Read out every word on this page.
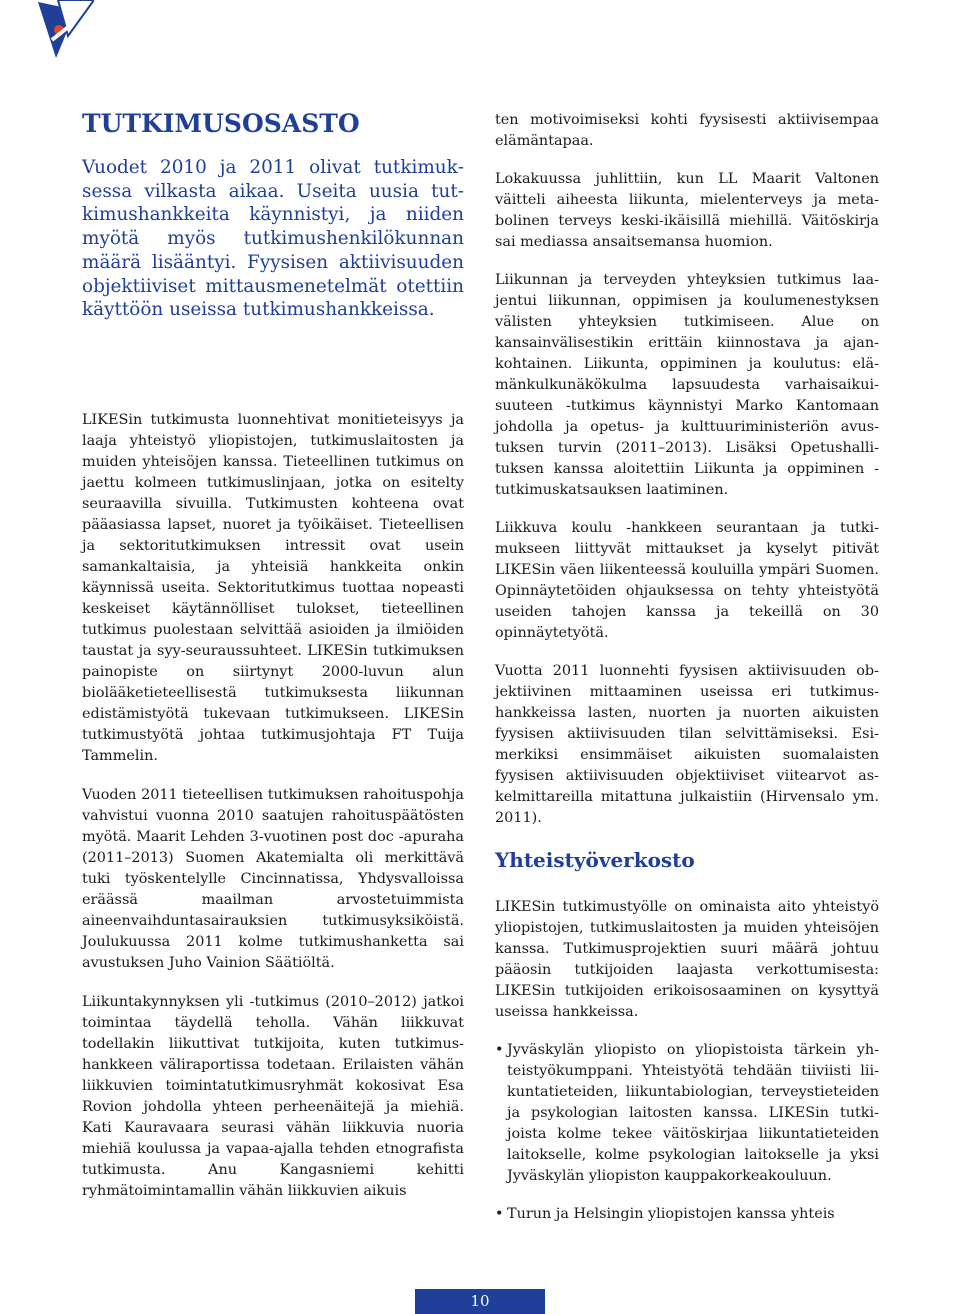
TUTKIMUSOSASTO

Vuodet 2010 ja 2011 olivat tutkimuksessa vilkasta aikaa. Useita uusia tutkimushankkeita käynnistyi, ja niiden myötä myös tutkimushenkilökunnan määrä lisääntyi. Fyysisen aktiivisuuden objektiiviset mittausmenetelmät otettiin käyttöön useissa tutkimushankkeissa.

LIKESin tutkimusta luonnehtivat monitieteisyys ja laaja yhteistyö yliopistojen, tutkimuslaitosten ja muiden yhteisöjen kanssa. Tieteellinen tutkimus on jaettu kolmeen tutkimuslinjaan, jotka on esitelty seuraavilla sivuilla. Tutkimusten kohteena ovat pääasiassa lapset, nuoret ja työikäiset. Tieteellisen ja sektoritutkimuksen intressit ovat usein samankaltaisia, ja yhteisiä hankkeita onkin käynnissä useita. Sektoritutkimus tuottaa nopeasti keskeiset käytännölliset tulokset, tieteellinen tutkimus puolestaan selvittää asioiden ja ilmiöiden taustat ja syy-seuraussuhteet. LIKESin tutkimuksen painopiste on siirtynyt 2000-luvun alun biolääketieteellisestä tutkimuksesta liikunnan edistämistyötä tukevaan tutkimukseen. LIKESin tutkimustyötä johtaa tutkimusjohtaja FT Tuija Tammelin.

Vuoden 2011 tieteellisen tutkimuksen rahoituspohja vahvistui vuonna 2010 saatujen rahoituspäätösten myötä. Maarit Lehden 3-vuotinen post doc -apuraha (2011–2013) Suomen Akatemialta oli merkittävä tuki työskentelylle Cincinnatissa, Yhdysvalloissa eräässä maailman arvostetuimmista aineenvaihduntasairauksien tutkimusyksiköistä. Joulukuussa 2011 kolme tutkimushanketta sai avustuksen Juho Vainion Säätiöltä.

Liikuntakynnyksen yli -tutkimus (2010–2012) jatkoi toimintaa täydellä teholla. Vähän liikkuvat todellakin liikuttivat tutkijoita, kuten tutkimushankkeen väliraportissa todetaan. Erilaisten vähän liikkuvien toimintatutkimusryhmät kokosivat Esa Rovion johdolla yhteen perheenäitejä ja miehiä. Kati Kauravaara seurasi vähän liikkuvia nuoria miehiä koulussa ja vapaa-ajalla tehden etnografista tutkimusta. Anu Kangasniemi kehitti ryhmätoimintamallin vähän liikkuvien aikuis

ten motivoimiseksi kohti fyysisesti aktiivisempaa elämäntapaa.

Lokakuussa juhlittiin, kun LL Maarit Valtonen väitteli aiheesta liikunta, mielenterveys ja metabolinen terveys keski-ikäisillä miehillä. Väitöskirja sai mediassa ansaitsemansa huomion.

Liikunnan ja terveyden yhteyksien tutkimus laajentui liikunnan, oppimisen ja koulumenestyksen välisten yhteyksien tutkimiseen. Alue on kansainvälisestikin erittäin kiinnostava ja ajankohtainen. Liikunta, oppiminen ja koulutus: elämänkulkunäkökulma lapsuudesta varhaisaikuisuuteen -tutkimus käynnistyi Marko Kantomaan johdolla ja opetus- ja kulttuuriministeriön avustuksen turvin (2011–2013). Lisäksi Opetushallituksen kanssa aloitettiin Liikunta ja oppiminen -tutkimuskatsauksen laatiminen.

Liikkuva koulu -hankkeen seurantaan ja tutkimukseen liittyvät mittaukset ja kyselyt pitivät LIKESin väen liikenteessä kouluilla ympäri Suomen. Opinnäytetöiden ohjauksessa on tehty yhteistyötä useiden tahojen kanssa ja tekeillä on 30 opinnäytetyötä.

Vuotta 2011 luonnehti fyysisen aktiivisuuden objektiivinen mittaaminen useissa eri tutkimushankkeissa lasten, nuorten ja nuorten aikuisten fyysisen aktiivisuuden tilan selvittämiseksi. Esimerkiksi ensimmäiset aikuisten suomalaisten fyysisen aktiivisuuden objektiiviset viitearvot askelmittareilla mitattuna julkaistiin (Hirvensalo ym. 2011).

Yhteistyöverkosto

LIKESin tutkimustyölle on ominaista aito yhteistyö yliopistojen, tutkimuslaitosten ja muiden yhteisöjen kanssa. Tutkimusprojektien suuri määrä johtuu pääosin tutkijoiden laajasta verkottumisesta: LIKESin tutkijoiden erikoisosaaminen on kysyttyä useissa hankkeissa.

• Jyväskylän yliopisto on yliopistoista tärkein yhteistyökumppani. Yhteistyötä tehdään tiiviisti liikuntatieteiden, liikuntabiologian, terveystieteiden ja psykologian laitosten kanssa. LIKESin tutkijoista kolme tekee väitöskirjaa liikuntatieteiden laitokselle, kolme psykologian laitokselle ja yksi Jyväskylän yliopiston kauppakorkeakouluun.
• Turun ja Helsingin yliopistojen kanssa yhteis
10
